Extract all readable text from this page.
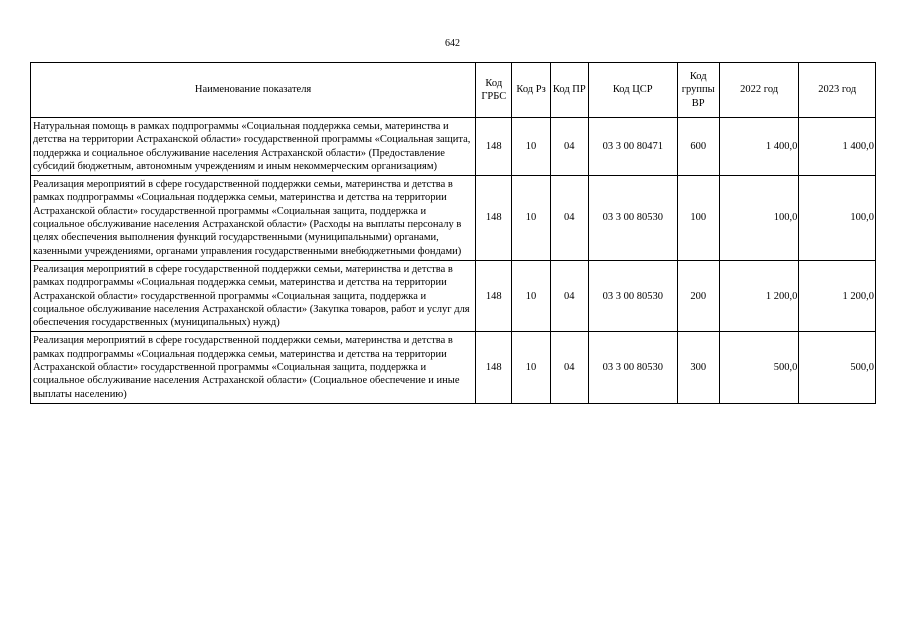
642
Наименование показателя	Код ГРБС	Код Рз	Код ПР	Код ЦСР	Код группы ВР	2022 год	2023 год
Натуральная помощь в рамках подпрограммы «Социальная поддержка семьи, материнства и детства на территории Астраханской области» государственной программы «Социальная защита, поддержка и социальное обслуживание населения Астраханской области» (Предоставление субсидий бюджетным, автономным учреждениям и иным некоммерческим организациям)	148	10	04	03 3 00 80471	600	1 400,0	1 400,0
Реализация мероприятий в сфере государственной поддержки семьи, материнства и детства в рамках подпрограммы «Социальная поддержка семьи, материнства и детства на территории Астраханской области» государственной программы «Социальная защита, поддержка и социальное обслуживание населения Астраханской области» (Расходы на выплаты персоналу в целях обеспечения выполнения функций государственными (муниципальными) органами, казенными учреждениями, органами управления государственными внебюджетными фондами)	148	10	04	03 3 00 80530	100	100,0	100,0
Реализация мероприятий в сфере государственной поддержки семьи, материнства и детства в рамках подпрограммы «Социальная поддержка семьи, материнства и детства на территории Астраханской области» государственной программы «Социальная защита, поддержка и социальное обслуживание населения Астраханской области» (Закупка товаров, работ и услуг для обеспечения государственных (муниципальных) нужд)	148	10	04	03 3 00 80530	200	1 200,0	1 200,0
Реализация мероприятий в сфере государственной поддержки семьи, материнства и детства в рамках подпрограммы «Социальная поддержка семьи, материнства и детства на территории Астраханской области» государственной программы «Социальная защита, поддержка и социальное обслуживание населения Астраханской области» (Социальное обеспечение и иные выплаты населению)	148	10	04	03 3 00 80530	300	500,0	500,0
